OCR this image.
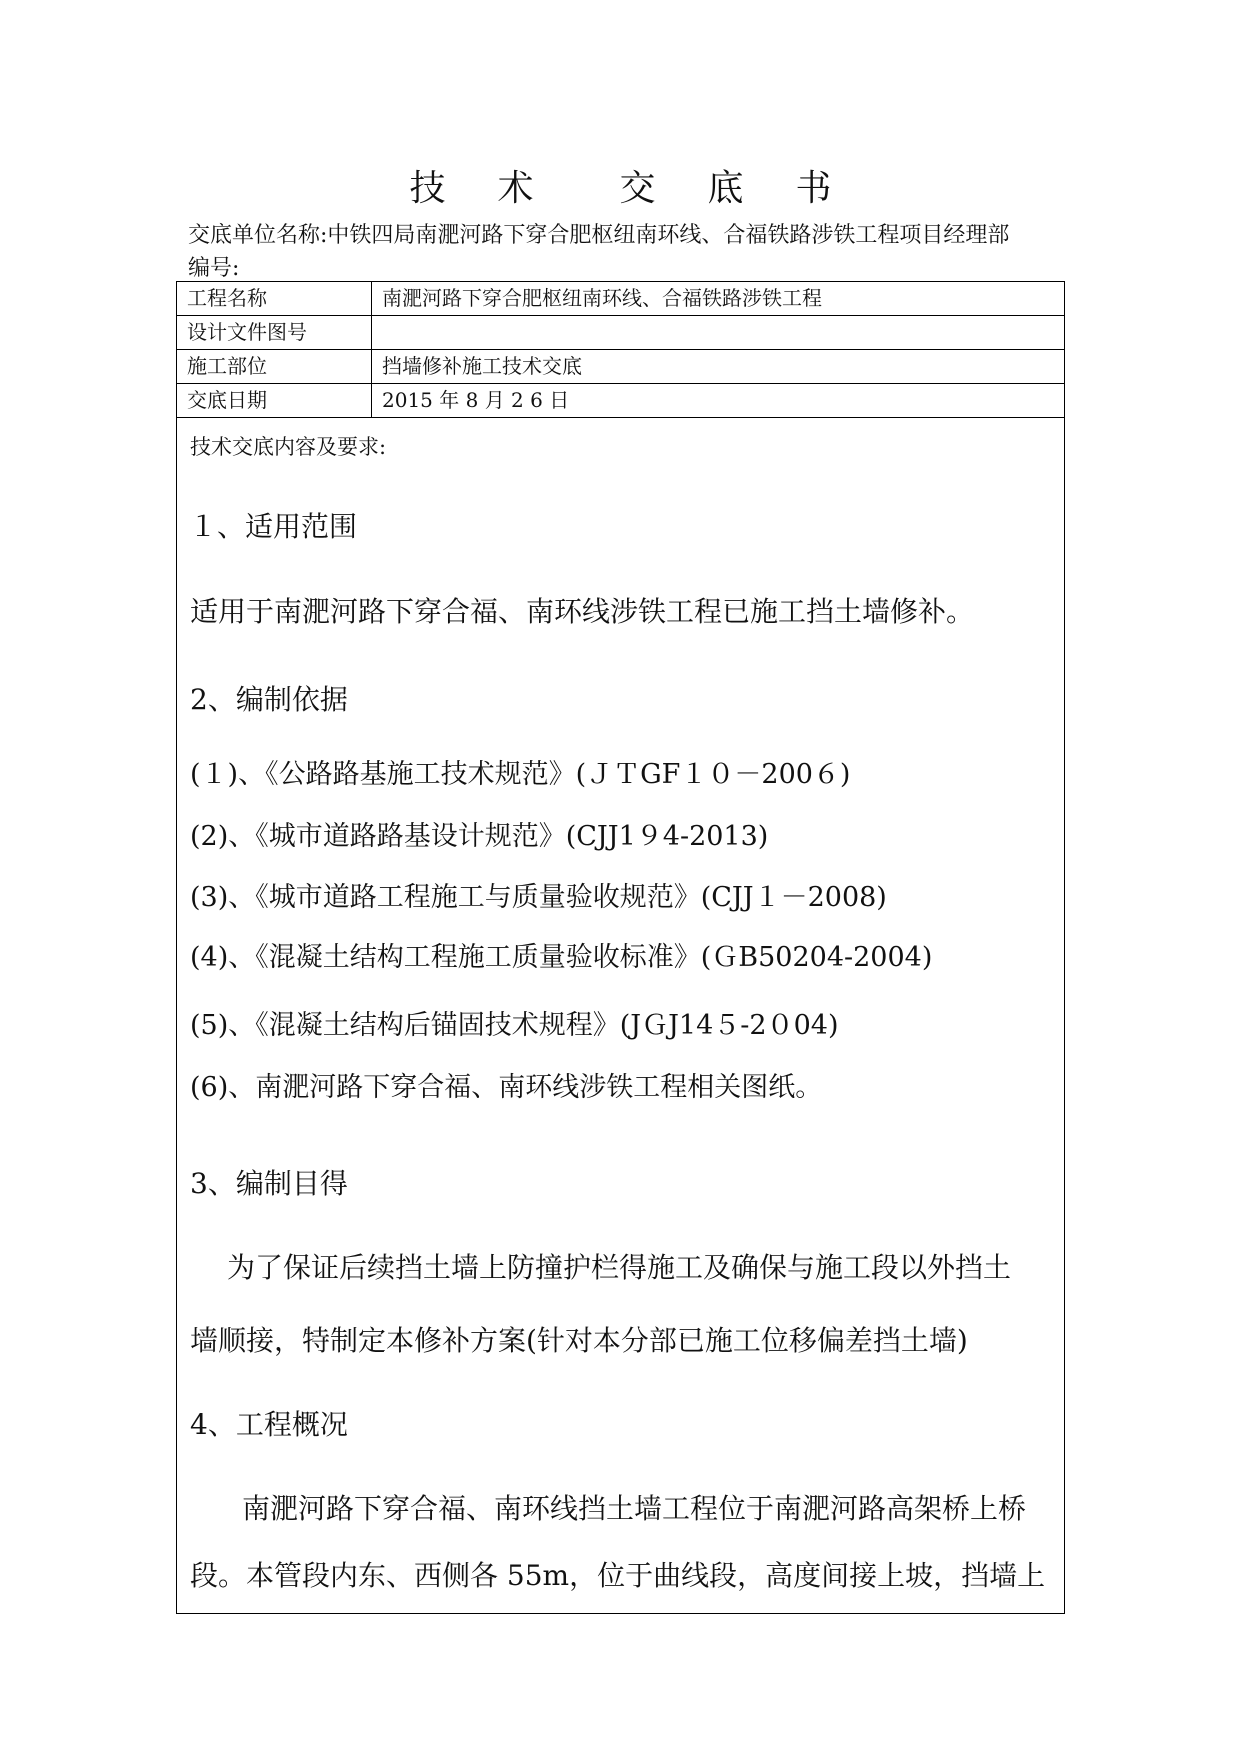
技 术 交 底 书
交底单位名称:中铁四局南淝河路下穿合肥枢纽南环线、合福铁路涉铁工程项目经理部
编号:
工程名称	南淝河路下穿合肥枢纽南环线、合福铁路涉铁工程
设计文件图号	
施工部位	挡墙修补施工技术交底
交底日期	2015 年 8 月 2 6 日
技术交底内容及要求:
１、适用范围
适用于南淝河路下穿合福、南环线涉铁工程已施工挡土墙修补。
2、编制依据
(１)、《公路路基施工技术规范》(ＪＴGF１０－200６)
(2)、《城市道路路基设计规范》(CJJ1９4-2013)
(3)、《城市道路工程施工与质量验收规范》(CJJ１－2008)
(4)、《混凝土结构工程施工质量验收标准》(ＧB50204-2004)
(5)、《混凝土结构后锚固技术规程》(JＧJ14５-2０04)
(6)、南淝河路下穿合福、南环线涉铁工程相关图纸。
3、编制目得
为了保证后续挡土墙上防撞护栏得施工及确保与施工段以外挡土
墙顺接，特制定本修补方案(针对本分部已施工位移偏差挡土墙)
4、工程概况
南淝河路下穿合福、南环线挡土墙工程位于南淝河路高架桥上桥
段。本管段内东、西侧各 55m，位于曲线段，高度间接上坡，挡墙上
